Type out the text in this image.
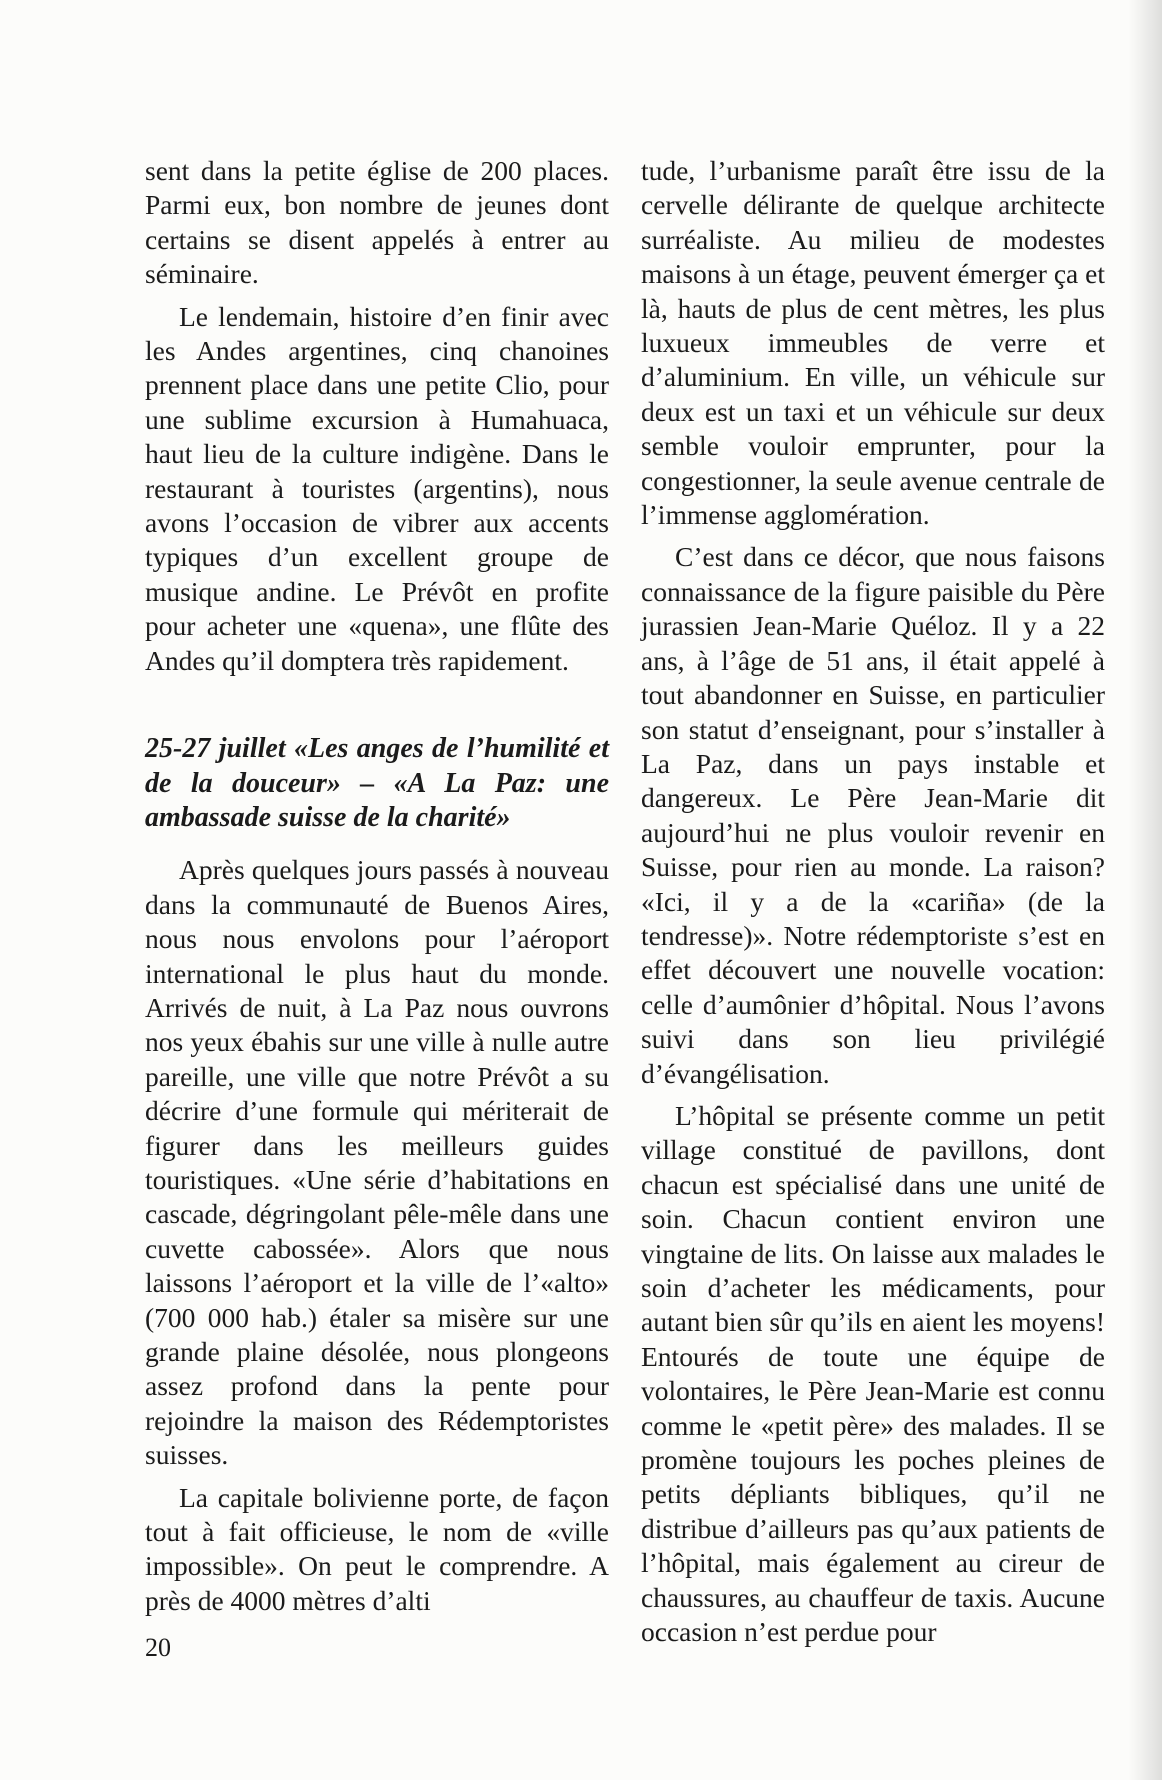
sent dans la petite église de 200 places. Parmi eux, bon nombre de jeunes dont certains se disent appelés à entrer au séminaire.

Le lendemain, histoire d’en finir avec les Andes argentines, cinq chanoines prennent place dans une petite Clio, pour une sublime excursion à Humahuaca, haut lieu de la culture indigène. Dans le restaurant à touristes (argentins), nous avons l’occasion de vibrer aux accents typiques d’un excellent groupe de musique andine. Le Prévôt en profite pour acheter une «quena», une flûte des Andes qu’il domptera très rapidement.

25-27 juillet «Les anges de l’humilité et de la douceur» – «A La Paz: une ambassade suisse de la charité»

Après quelques jours passés à nouveau dans la communauté de Buenos Aires, nous nous envolons pour l’aéroport international le plus haut du monde. Arrivés de nuit, à La Paz nous ouvrons nos yeux ébahis sur une ville à nulle autre pareille, une ville que notre Prévôt a su décrire d’une formule qui mériterait de figurer dans les meilleurs guides touristiques. «Une série d’habitations en cascade, dégringolant pêle-mêle dans une cuvette cabossée». Alors que nous laissons l’aéroport et la ville de l’«alto» (700 000 hab.) étaler sa misère sur une grande plaine désolée, nous plongeons assez profond dans la pente pour rejoindre la maison des Rédemptoristes suisses.

La capitale bolivienne porte, de façon tout à fait officieuse, le nom de «ville impossible». On peut le comprendre. A près de 4000 mètres d’alti

tude, l’urbanisme paraît être issu de la cervelle délirante de quelque architecte surréaliste. Au milieu de modestes maisons à un étage, peuvent émerger ça et là, hauts de plus de cent mètres, les plus luxueux immeubles de verre et d’aluminium. En ville, un véhicule sur deux est un taxi et un véhicule sur deux semble vouloir emprunter, pour la congestionner, la seule avenue centrale de l’immense agglomération.

C’est dans ce décor, que nous faisons connaissance de la figure paisible du Père jurassien Jean-Marie Quéloz. Il y a 22 ans, à l’âge de 51 ans, il était appelé à tout abandonner en Suisse, en particulier son statut d’enseignant, pour s’installer à La Paz, dans un pays instable et dangereux. Le Père Jean-Marie dit aujourd’hui ne plus vouloir revenir en Suisse, pour rien au monde. La raison? «Ici, il y a de la «cariña» (de la tendresse)». Notre rédemptoriste s’est en effet découvert une nouvelle vocation: celle d’aumônier d’hôpital. Nous l’avons suivi dans son lieu privilégié d’évangélisation.

L’hôpital se présente comme un petit village constitué de pavillons, dont chacun est spécialisé dans une unité de soin. Chacun contient environ une vingtaine de lits. On laisse aux malades le soin d’acheter les médicaments, pour autant bien sûr qu’ils en aient les moyens! Entourés de toute une équipe de volontaires, le Père Jean-Marie est connu comme le «petit père» des malades. Il se promène toujours les poches pleines de petits dépliants bibliques, qu’il ne distribue d’ailleurs pas qu’aux patients de l’hôpital, mais également au cireur de chaussures, au chauffeur de taxis. Aucune occasion n’est perdue pour

20
